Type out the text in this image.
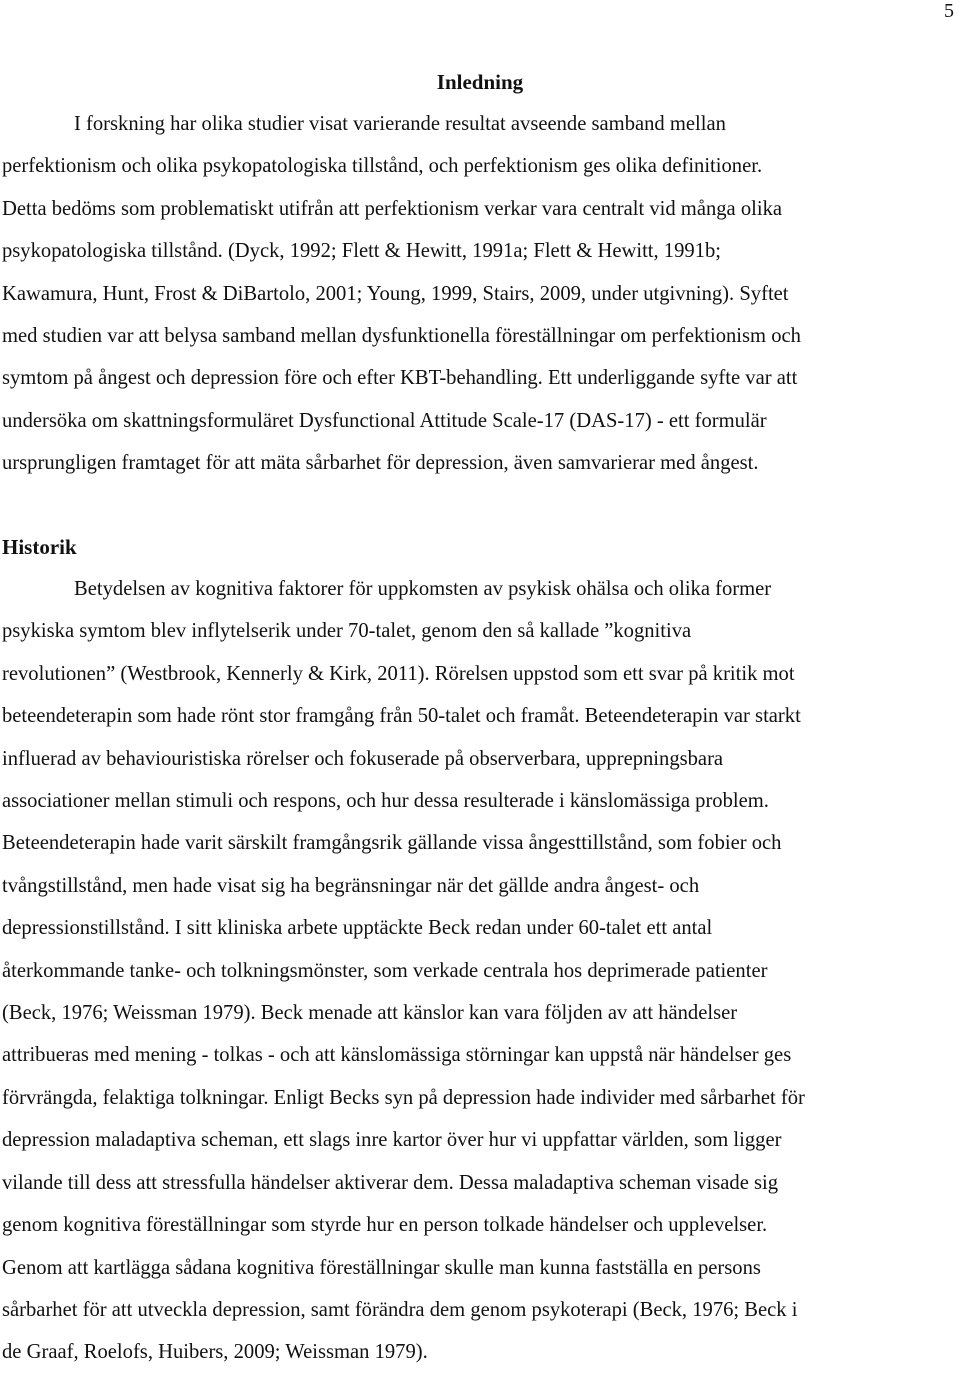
5

Inledning

I forskning har olika studier visat varierande resultat avseende samband mellan
perfektionism och olika psykopatologiska tillstånd, och perfektionism ges olika definitioner.
Detta bedöms som problematiskt utifrån att perfektionism verkar vara centralt vid många olika
psykopatologiska tillstånd. (Dyck, 1992; Flett & Hewitt, 1991a; Flett & Hewitt, 1991b;
Kawamura, Hunt, Frost & DiBartolo, 2001; Young, 1999, Stairs, 2009, under utgivning). Syftet
med studien var att belysa samband mellan dysfunktionella föreställningar om perfektionism och
symtom på ångest och depression före och efter KBT-behandling. Ett underliggande syfte var att
undersöka om skattningsformuläret Dysfunctional Attitude Scale-17 (DAS-17) - ett formulär
ursprungligen framtaget för att mäta sårbarhet för depression, även samvarierar med ångest.

Historik

Betydelsen av kognitiva faktorer för uppkomsten av psykisk ohälsa och olika former
psykiska symtom blev inflytelserik under 70-talet, genom den så kallade ”kognitiva
revolutionen” (Westbrook, Kennerly & Kirk, 2011). Rörelsen uppstod som ett svar på kritik mot
beteendeterapin som hade rönt stor framgång från 50-talet och framåt. Beteendeterapin var starkt
influerad av behaviouristiska rörelser och fokuserade på observerbara, upprepningsbara
associationer mellan stimuli och respons, och hur dessa resulterade i känslomässiga problem.
Beteendeterapin hade varit särskilt framgångsrik gällande vissa ångesttillstånd, som fobier och
tvångstillstånd, men hade visat sig ha begränsningar när det gällde andra ångest- och
depressionstillstånd. I sitt kliniska arbete upptäckte Beck redan under 60-talet ett antal
återkommande tanke- och tolkningsmönster, som verkade centrala hos deprimerade patienter
(Beck, 1976; Weissman 1979). Beck menade att känslor kan vara följden av att händelser
attribueras med mening - tolkas - och att känslomässiga störningar kan uppstå när händelser ges
förvrängda, felaktiga tolkningar. Enligt Becks syn på depression hade individer med sårbarhet för
depression maladaptiva scheman, ett slags inre kartor över hur vi uppfattar världen, som ligger
vilande till dess att stressfulla händelser aktiverar dem. Dessa maladaptiva scheman visade sig
genom kognitiva föreställningar som styrde hur en person tolkade händelser och upplevelser.
Genom att kartlägga sådana kognitiva föreställningar skulle man kunna fastställa en persons
sårbarhet för att utveckla depression, samt förändra dem genom psykoterapi (Beck, 1976; Beck i
de Graaf, Roelofs, Huibers, 2009; Weissman 1979).
